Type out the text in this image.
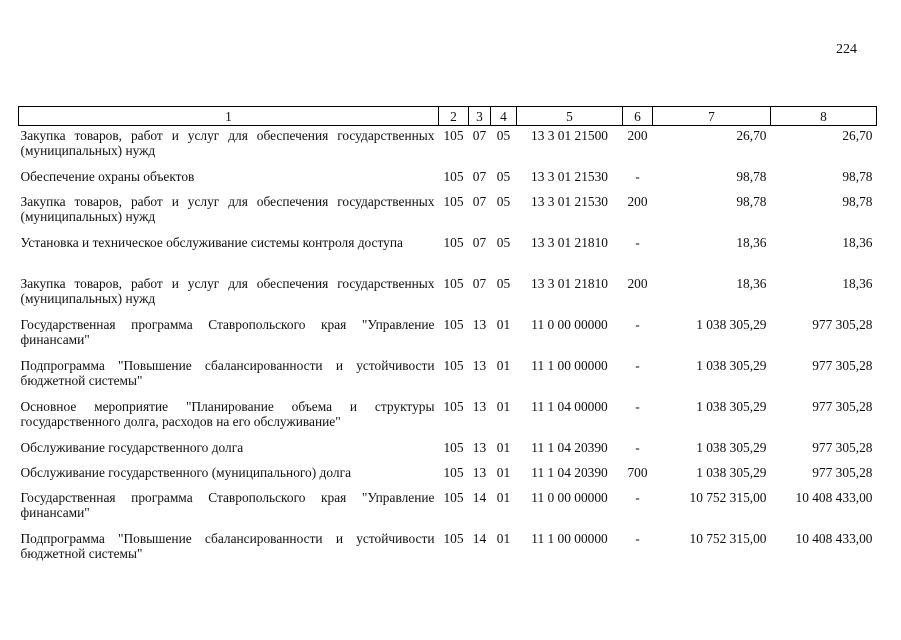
224
1	2	3	4	5	6	7	8
Закупка товаров, работ и услуг для обеспечения государственных (муниципальных) нужд	105	07	05	13 3 01 21500	200	26,70	26,70
Обеспечение охраны объектов	105	07	05	13 3 01 21530	-	98,78	98,78
Закупка товаров, работ и услуг для обеспечения государственных (муниципальных) нужд	105	07	05	13 3 01 21530	200	98,78	98,78
Установка и техническое обслуживание системы контроля доступа	105	07	05	13 3 01 21810	-	18,36	18,36
Закупка товаров, работ и услуг для обеспечения государственных (муниципальных) нужд	105	07	05	13 3 01 21810	200	18,36	18,36
Государственная программа Ставропольского края "Управление финансами"	105	13	01	11 0 00 00000	-	1 038 305,29	977 305,28
Подпрограмма "Повышение сбалансированности и устойчивости бюджетной системы"	105	13	01	11 1 00 00000	-	1 038 305,29	977 305,28
Основное мероприятие "Планирование объема и структуры государственного долга, расходов на его обслуживание"	105	13	01	11 1 04 00000	-	1 038 305,29	977 305,28
Обслуживание государственного долга	105	13	01	11 1 04 20390	-	1 038 305,29	977 305,28
Обслуживание государственного (муниципального) долга	105	13	01	11 1 04 20390	700	1 038 305,29	977 305,28
Государственная программа Ставропольского края "Управление финансами"	105	14	01	11 0 00 00000	-	10 752 315,00	10 408 433,00
Подпрограмма "Повышение сбалансированности и устойчивости бюджетной системы"	105	14	01	11 1 00 00000	-	10 752 315,00	10 408 433,00
